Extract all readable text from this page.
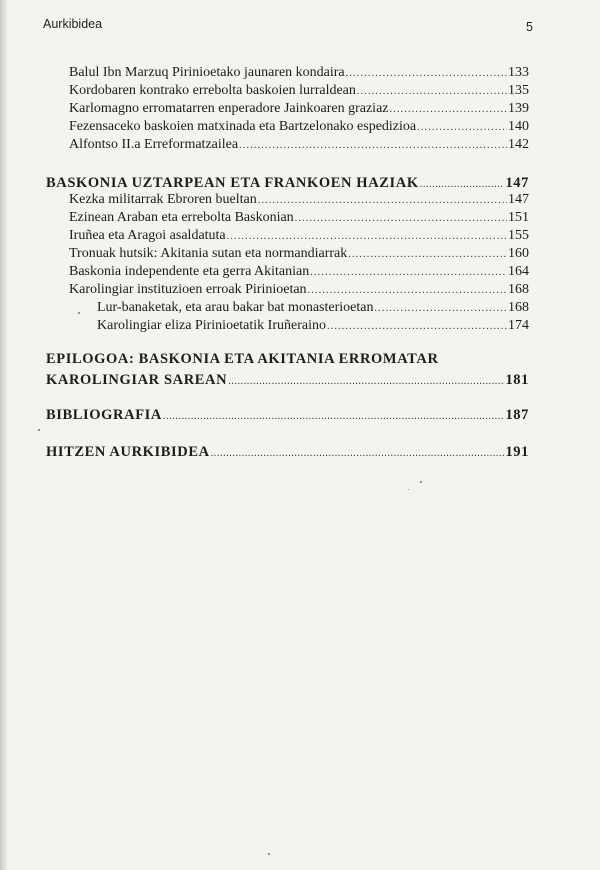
Aurkibidea	5
Balul Ibn Marzuq Pirinioetako jaunaren kondaira .....	133
Kordobaren kontrako errebolta baskoien lurraldean .....	135
Karlomagno erromatarren enperadore Jainkoaren graziaz .....	139
Fezensaceko baskoien matxinada eta Bartzelonako espedizioa .....	140
Alfontso II.a Erreformatzailea .....	142
BASKONIA UZTARPEAN ETA FRANKOEN HAZIAK .....	147
Kezka militarrak Ebroren bueltan .....	147
Ezinean Araban eta errebolta Baskonian .....	151
Iruñea eta Aragoi asaldatuta .....	155
Tronuak hutsik: Akitania sutan eta normandiarrak .....	160
Baskonia independente eta gerra Akitanian .....	164
Karolingiar instituzioen erroak Pirinioetan .....	168
Lur-banaketak, eta arau bakar bat monasterioetan .....	168
Karolingiar eliza Pirinioetatik Iruñeraino .....	174
EPILOGOA: BASKONIA ETA AKITANIA ERROMATAR
KAROLINGIAR SAREAN .....	181
BIBLIOGRAFIA .....	187
HITZEN AURKIBIDEA .....	191
